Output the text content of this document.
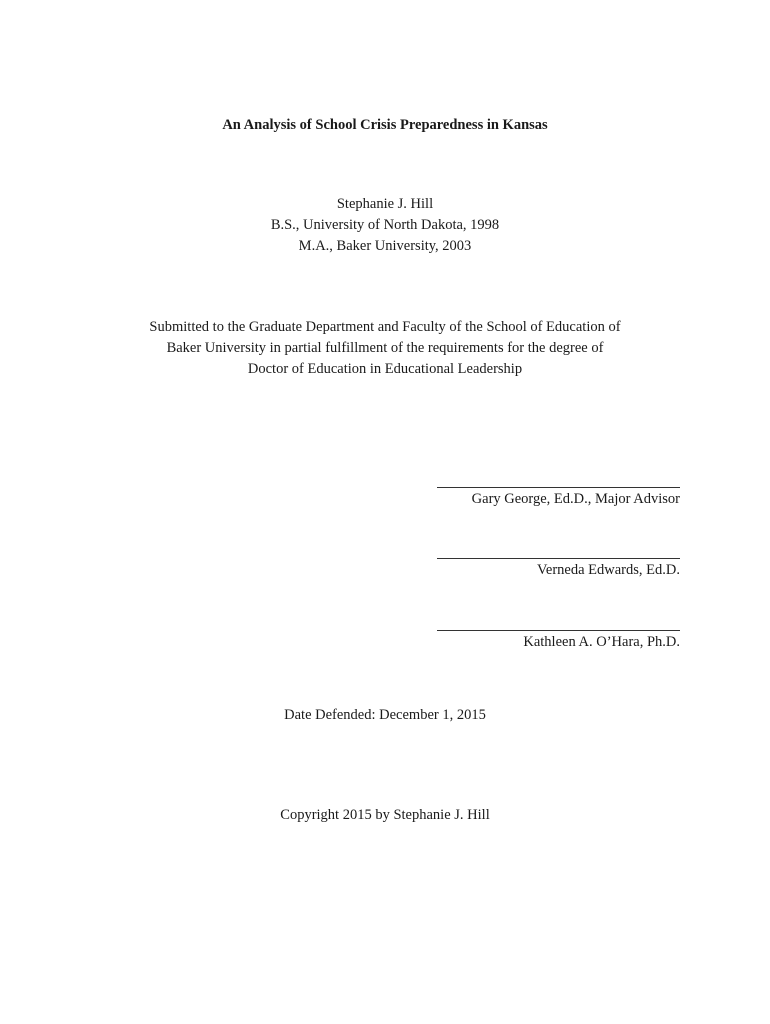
An Analysis of School Crisis Preparedness in Kansas
Stephanie J. Hill
B.S., University of North Dakota, 1998
M.A., Baker University, 2003
Submitted to the Graduate Department and Faculty of the School of Education of
Baker University in partial fulfillment of the requirements for the degree of
Doctor of Education in Educational Leadership
Gary George, Ed.D., Major Advisor
Verneda Edwards, Ed.D.
Kathleen A. O’Hara, Ph.D.
Date Defended: December 1, 2015
Copyright 2015 by Stephanie J. Hill
